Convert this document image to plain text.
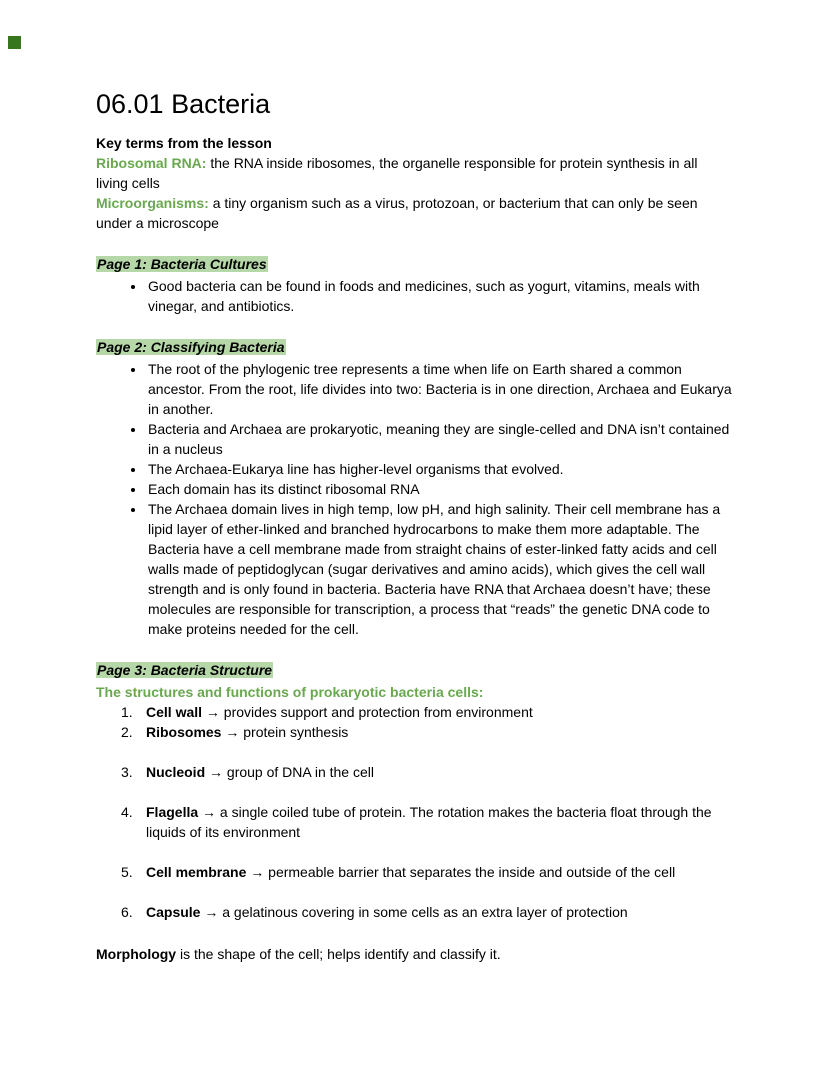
06.01 Bacteria

Key terms from the lesson

Ribosomal RNA: the RNA inside ribosomes, the organelle responsible for protein synthesis in all living cells

Microorganisms: a tiny organism such as a virus, protozoan, or bacterium that can only be seen under a microscope

Page 1: Bacteria Cultures

• Good bacteria can be found in foods and medicines, such as yogurt, vitamins, meals with vinegar, and antibiotics.

Page 2: Classifying Bacteria

• The root of the phylogenic tree represents a time when life on Earth shared a common ancestor. From the root, life divides into two: Bacteria is in one direction, Archaea and Eukarya in another.
• Bacteria and Archaea are prokaryotic, meaning they are single-celled and DNA isn’t contained in a nucleus
• The Archaea-Eukarya line has higher-level organisms that evolved.
• Each domain has its distinct ribosomal RNA
• The Archaea domain lives in high temp, low pH, and high salinity. Their cell membrane has a lipid layer of ether-linked and branched hydrocarbons to make them more adaptable. The Bacteria have a cell membrane made from straight chains of ester-linked fatty acids and cell walls made of peptidoglycan (sugar derivatives and amino acids), which gives the cell wall strength and is only found in bacteria. Bacteria have RNA that Archaea doesn’t have; these molecules are responsible for transcription, a process that “reads” the genetic DNA code to make proteins needed for the cell.

Page 3: Bacteria Structure

The structures and functions of prokaryotic bacteria cells:

1. Cell wall → provides support and protection from environment
2. Ribosomes → protein synthesis
3. Nucleoid → group of DNA in the cell
4. Flagella → a single coiled tube of protein. The rotation makes the bacteria float through the liquids of its environment
5. Cell membrane → permeable barrier that separates the inside and outside of the cell
6. Capsule → a gelatinous covering in some cells as an extra layer of protection

Morphology is the shape of the cell; helps identify and classify it.
